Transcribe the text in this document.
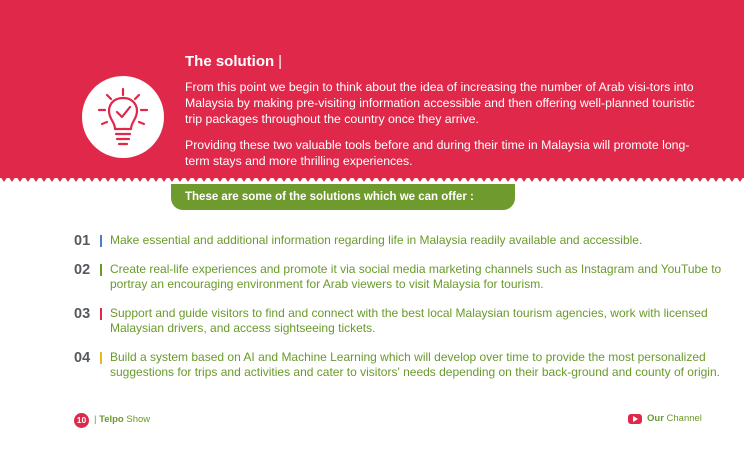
The solution |

From this point we begin to think about the idea of increasing the number of Arab visi-tors into Malaysia by making pre-visiting information accessible and then offering well-planned touristic trip packages throughout the country once they arrive.

Providing these two valuable tools before and during their time in Malaysia will promote long-term stays and more thrilling experiences.

These are some of the solutions which we can offer :
01 Make essential and additional information regarding life in Malaysia readily available and accessible.

02 Create real-life experiences and promote it via social media marketing channels such as Instagram and YouTube to portray an encouraging environment for Arab viewers to visit Malaysia for tourism.

03 Support and guide visitors to find and connect with the best local Malaysian tourism agencies, work with licensed Malaysian drivers, and access sightseeing tickets.

04 Build a system based on AI and Machine Learning which will develop over time to provide the most personalized suggestions for trips and activities and cater to visitors' needs depending on their back-ground and county of origin.

10 | Telpo Show	Our Channel
